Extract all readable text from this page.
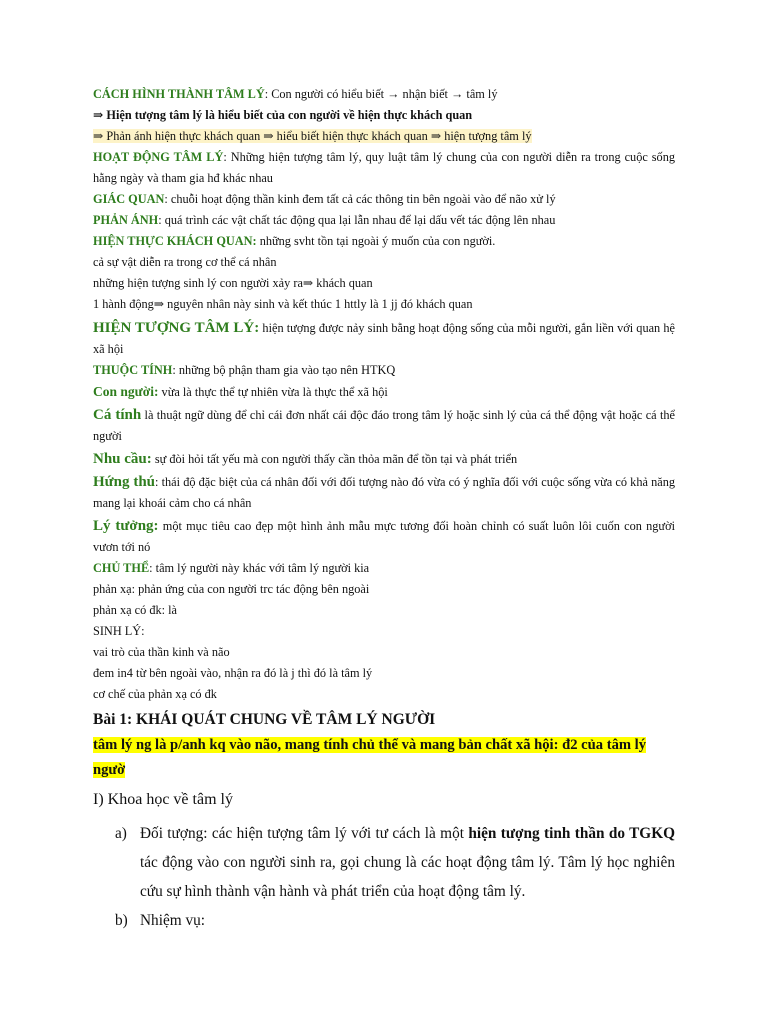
CÁCH HÌNH THÀNH TÂM LÝ: Con người có hiểu biết → nhận biết → tâm lý

⇒ Hiện tượng tâm lý là hiểu biết của con người về hiện thực khách quan

⇒ Phản ánh hiện thực khách quan ⇒ hiểu biết hiện thực khách quan ⇒ hiện tượng tâm lý

HOẠT ĐỘNG TÂM LÝ: Những hiện tượng tâm lý, quy luật tâm lý chung của con người diễn ra trong cuộc sống hằng ngày và tham gia hđ khác nhau

GIÁC QUAN: chuỗi hoạt động thần kinh đem tất cả các thông tin bên ngoài vào để não xử lý

PHẢN ÁNH: quá trình các vật chất tác động qua lại lẫn nhau để lại dấu vết tác động lên nhau

HIỆN THỰC KHÁCH QUAN: những svht tồn tại ngoài ý muốn của con người.

cả sự vật diễn ra trong cơ thể cá nhân

những hiện tượng sinh lý con người xảy ra⇒ khách quan

1 hành động⇒ nguyên nhân này sinh và kết thúc 1 httly là 1 jj đó khách quan

HIỆN TƯỢNG TÂM LÝ: hiện tượng được nảy sinh bằng hoạt động sống của mỗi người, gắn liền với quan hệ xã hội

THUỘC TÍNH: những bộ phận tham gia vào tạo nên HTKQ

Con người: vừa là thực thể tự nhiên vừa là thực thể xã hội

Cá tính là thuật ngữ dùng để chỉ cái đơn nhất cái độc đáo trong tâm lý hoặc sinh lý của cá thể động vật hoặc cá thể người

Nhu cầu: sự đòi hỏi tất yếu mà con người thấy cần thỏa mãn để tồn tại và phát triển

Hứng thú: thái độ đặc biệt của cá nhân đối với đối tượng nào đó vừa có ý nghĩa đối với cuộc sống vừa có khả năng mang lại khoái cảm cho cá nhân

Lý tưởng: một mục tiêu cao đẹp một hình ảnh mẫu mực tương đối hoàn chỉnh có suất luôn lôi cuốn con người vươn tới nó

CHỦ THỂ: tâm lý người này khác với tâm lý người kia

phản xạ: phản ứng của con người trc tác động bên ngoài

phản xạ có đk: là

SINH LÝ:

vai trò của thần kinh và não

đem in4 từ bên ngoài vào, nhận ra đó là j thì đó là tâm lý

cơ chế của phản xạ có đk

Bài 1: KHÁI QUÁT CHUNG VỀ TÂM LÝ NGƯỜI

tâm lý ng là p/anh kq vào não, mang tính chủ thể và mang bản chất xã hội: đ2 của tâm lý ngườ

I) Khoa học về tâm lý
a) Đối tượng: các hiện tượng tâm lý với tư cách là một hiện tượng tinh thần do TGKQ tác động vào con người sinh ra, gọi chung là các hoạt động tâm lý. Tâm lý học nghiên cứu sự hình thành vận hành và phát triển của hoạt động tâm lý.
b) Nhiệm vụ:
